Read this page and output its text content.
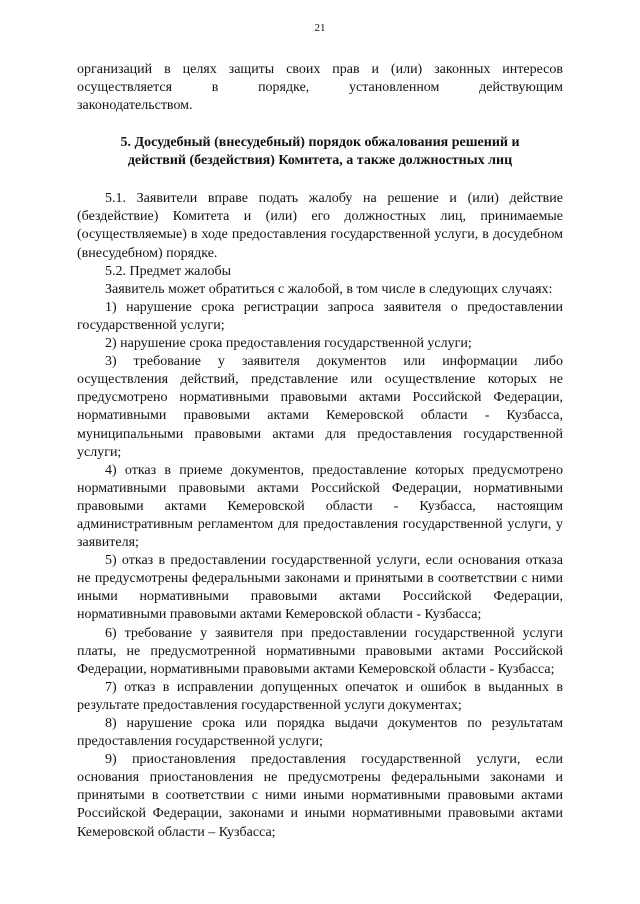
21

организаций в целях защиты своих прав и (или) законных интересов

осуществляется в порядке, установленном действующим

законодательством.

5. Досудебный (внесудебный) порядок обжалования решений и
действий (бездействия) Комитета, а также должностных лиц

5.1. Заявители вправе подать жалобу на решение и (или) действие (бездействие) Комитета и (или) его должностных лиц, принимаемые (осуществляемые) в ходе предоставления государственной услуги, в досудебном (внесудебном) порядке.

5.2. Предмет жалобы

Заявитель может обратиться с жалобой, в том числе в следующих случаях:

1) нарушение срока регистрации запроса заявителя о предоставлении государственной услуги;

2) нарушение срока предоставления государственной услуги;

3) требование у заявителя документов или информации либо осуществления действий, представление или осуществление которых не предусмотрено нормативными правовыми актами Российской Федерации, нормативными правовыми актами Кемеровской области - Кузбасса, муниципальными правовыми актами для предоставления государственной услуги;

4) отказ в приеме документов, предоставление которых предусмотрено нормативными правовыми актами Российской Федерации, нормативными правовыми актами Кемеровской области - Кузбасса, настоящим административным регламентом для предоставления государственной услуги, у заявителя;

5) отказ в предоставлении государственной услуги, если основания отказа не предусмотрены федеральными законами и принятыми в соответствии с ними иными нормативными правовыми актами Российской Федерации, нормативными правовыми актами Кемеровской области - Кузбасса;

6) требование у заявителя при предоставлении государственной услуги платы, не предусмотренной нормативными правовыми актами Российской Федерации, нормативными правовыми актами Кемеровской области - Кузбасса;

7) отказ в исправлении допущенных опечаток и ошибок в выданных в результате предоставления государственной услуги документах;

8) нарушение срока или порядка выдачи документов по результатам предоставления государственной услуги;

9) приостановления предоставления государственной услуги, если основания приостановления не предусмотрены федеральными законами и принятыми в соответствии с ними иными нормативными правовыми актами Российской Федерации, законами и иными нормативными правовыми актами Кемеровской области – Кузбасса;
